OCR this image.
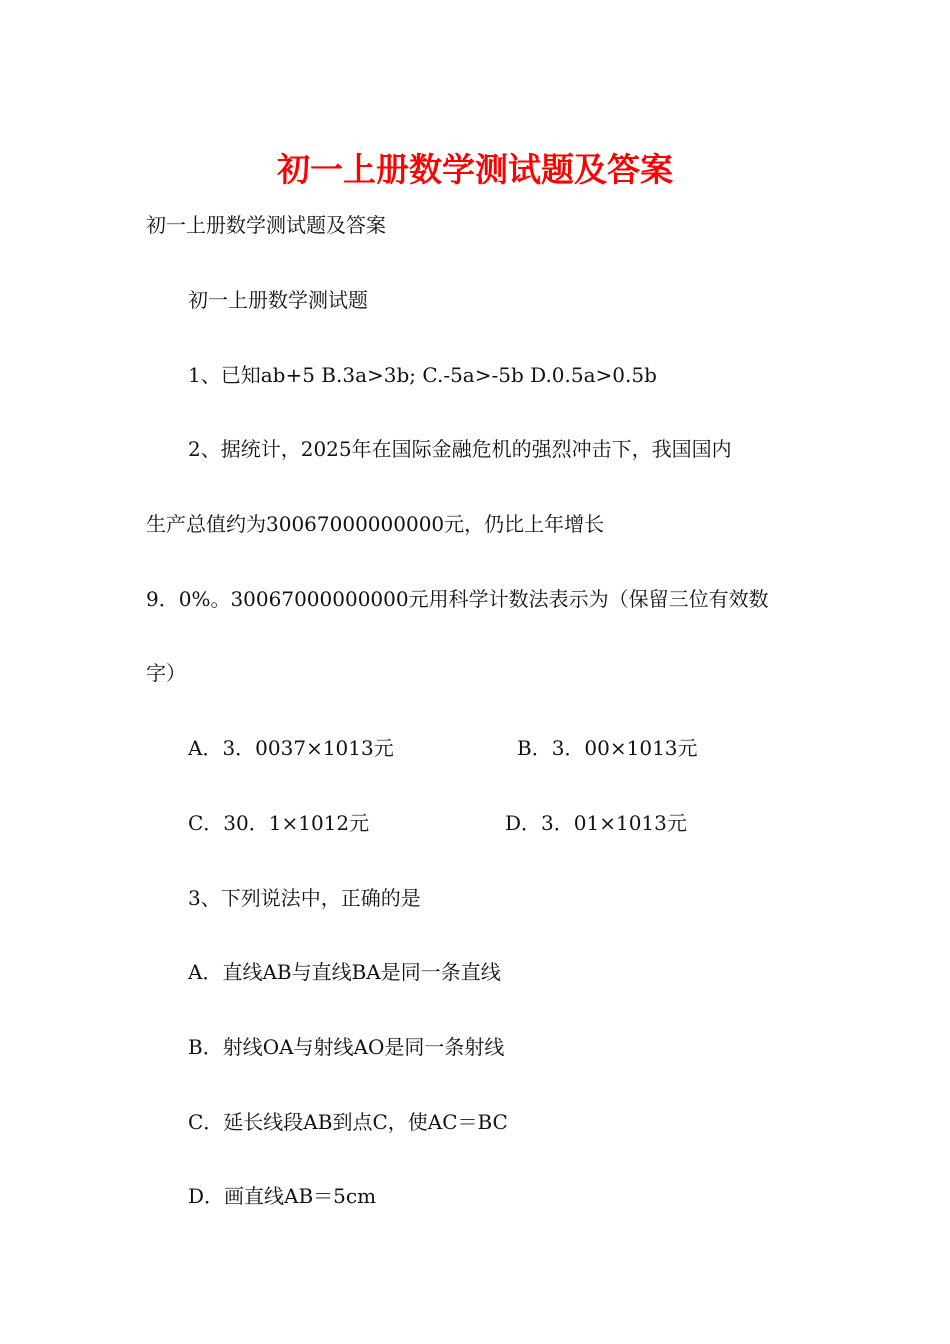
初一上册数学测试题及答案
初一上册数学测试题及答案
初一上册数学测试题
1、已知ab+5 B.3a>3b; C.-5a>-5b D.0.5a>0.5b
2、据统计，2025年在国际金融危机的强烈冲击下，我国国内
生产总值约为30067000000000元，仍比上年增长
9．0%。30067000000000元用科学计数法表示为（保留三位有效数
字）
A．3．0037×1013元	B．3．00×1013元
C．30．1×1012元	D．3．01×1013元
3、下列说法中，正确的是
A．直线AB与直线BA是同一条直线
B．射线OA与射线AO是同一条射线
C．延长线段AB到点C，使AC＝BC
D．画直线AB＝5cm
